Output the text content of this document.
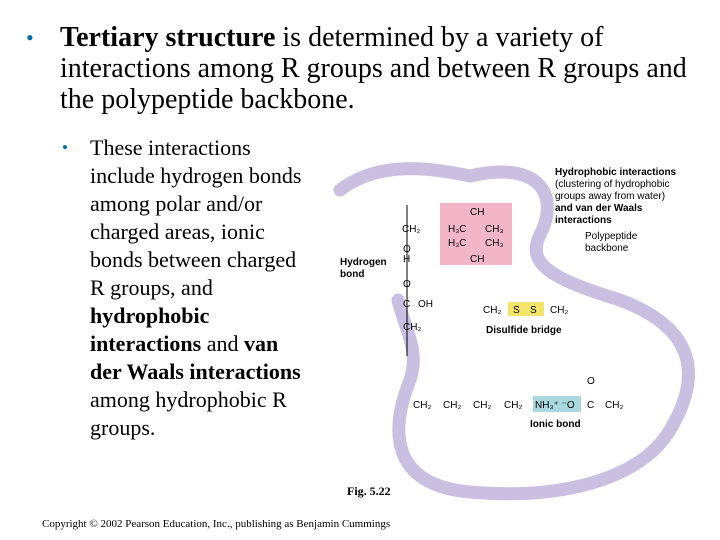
• Tertiary structure is determined by a variety of interactions among R groups and between R groups and the polypeptide backbone.
• These interactions include hydrogen bonds among polar and/or charged areas, ionic bonds between charged R groups, and hydrophobic interactions and van der Waals interactions among hydrophobic R groups.
CH
H₃C CH₃
H₃C CH₃
CH
CH₂
O
H
O
C OH
CH₂
CH₂ S S CH₂
Disulfide bridge
CH₂ CH₂ CH₂ CH₂ NH₃⁺ ⁻O C
O
CH₂
Ionic bond
Hydrogen
bond
Hydrophobic interactions
(clustering of hydrophobic
groups away from water)
and van der Waals
interactions
Polypeptide
backbone
Fig. 5.22
Copyright © 2002 Pearson Education, Inc., publishing as Benjamin Cummings
